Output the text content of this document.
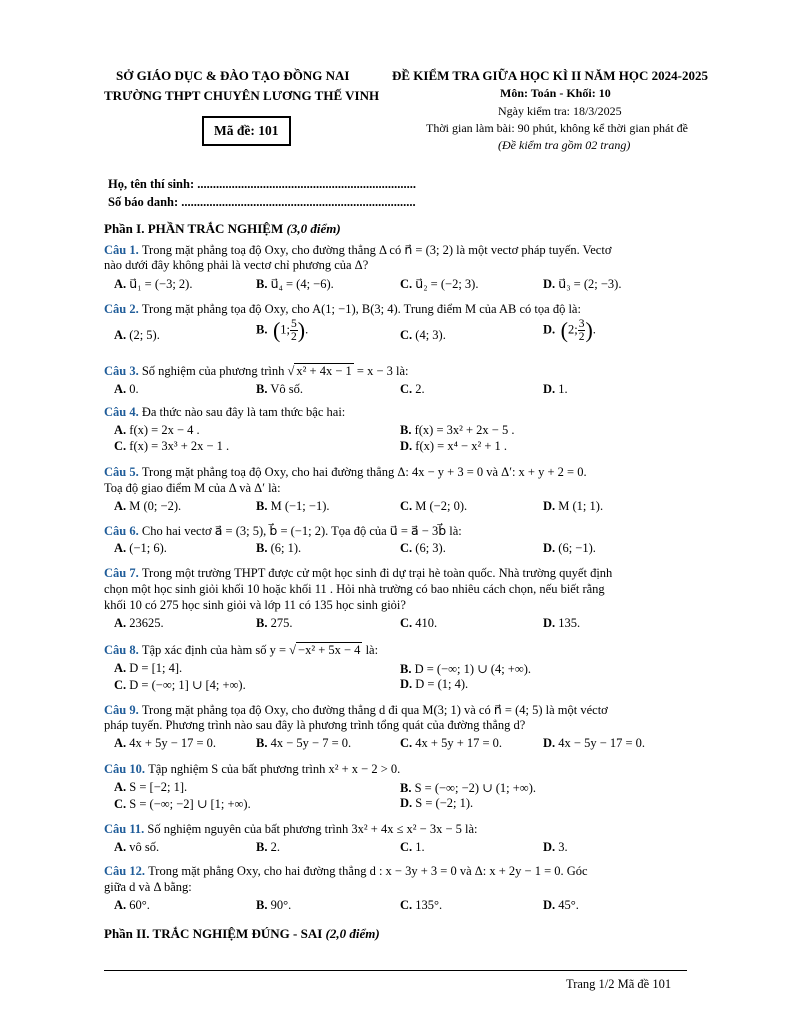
SỞ GIÁO DỤC & ĐÀO TẠO ĐỒNG NAI
TRƯỜNG THPT CHUYÊN LƯƠNG THẾ VINH
ĐỀ KIỂM TRA GIỮA HỌC KÌ II NĂM HỌC 2024-2025
Môn: Toán - Khối: 10
Ngày kiểm tra: 18/3/2025
Thời gian làm bài: 90 phút, không kể thời gian phát đề
(Đề kiểm tra gồm 02 trang)
Mã đề: 101
Họ, tên thí sinh: ......................................................................
Số báo danh: ...........................................................................
Phần I. PHẦN TRẮC NGHIỆM (3,0 điểm)
Câu 1. Trong mặt phẳng toạ độ Oxy, cho đường thẳng Δ có n⃗ = (3; 2) là một vectơ pháp tuyến. Vectơ
nào dưới đây không phải là vectơ chỉ phương của Δ?
A. u⃗₁ = (−3; 2).	B. u⃗₄ = (4; −6).	C. u⃗₂ = (−2; 3).	D. u⃗₃ = (2; −3).
Câu 2. Trong mặt phẳng tọa độ Oxy, cho A(1; −1), B(3; 4). Trung điểm M của AB có tọa độ là:
A. (2; 5).	B. (1; $\frac{5}{2}$ ).	C. (4; 3).	D. (2; $\frac{3}{2}$ ).
Câu 3. Số nghiệm của phương trình √ x² + 4x − 1 = x − 3 là:
A. 0.	B. Vô số.	C. 2.	D. 1.
Câu 4. Đa thức nào sau đây là tam thức bậc hai:
A. f(x) = 2x − 4 .	B. f(x) = 3x² + 2x − 5 .
C. f(x) = 3x³ + 2x − 1 .	D. f(x) = x⁴ − x² + 1 .
Câu 5. Trong mặt phẳng toạ độ Oxy, cho hai đường thẳng Δ: 4x − y + 3 = 0 và Δ′: x + y + 2 = 0.
Toạ độ giao điểm M của Δ và Δ′ là:
A. M (0; −2).	B. M (−1; −1).	C. M (−2; 0).	D. M (1; 1).
Câu 6. Cho hai vectơ a⃗ = (3; 5), b⃗ = (−1; 2). Tọa độ của u⃗ = a⃗ − 3b⃗ là:
A. (−1; 6).	B. (6; 1).	C. (6; 3).	D. (6; −1).
Câu 7. Trong một trường THPT được cử một học sinh đi dự trại hè toàn quốc. Nhà trường quyết định
chọn một học sinh giỏi khối 10 hoặc khối 11 . Hỏi nhà trường có bao nhiêu cách chọn, nếu biết rằng
khối 10 có 275 học sinh giỏi và lớp 11 có 135 học sinh giỏi?
A. 23625.	B. 275.	C. 410.	D. 135.
Câu 8. Tập xác định của hàm số y = √ −x² + 5x − 4 là:
A. D = [1; 4].	B. D = (−∞; 1) ∪ (4; +∞).
C. D = (−∞; 1] ∪ [4; +∞).	D. D = (1; 4).
Câu 9. Trong mặt phẳng tọa độ Oxy, cho đường thẳng d đi qua M(3; 1) và có n⃗ = (4; 5) là một véctơ
pháp tuyến. Phương trình nào sau đây là phương trình tổng quát của đường thẳng d?
A. 4x + 5y − 17 = 0.	B. 4x − 5y − 7 = 0.	C. 4x + 5y + 17 = 0.	D. 4x − 5y − 17 = 0.
Câu 10. Tập nghiệm S của bất phương trình x² + x − 2 > 0.
A. S = [−2; 1].	B. S = (−∞; −2) ∪ (1; +∞).
C. S = (−∞; −2] ∪ [1; +∞).	D. S = (−2; 1).
Câu 11. Số nghiệm nguyên của bất phương trình 3x² + 4x ≤ x² − 3x − 5 là:
A. vô số.	B. 2.	C. 1.	D. 3.
Câu 12. Trong mặt phẳng Oxy, cho hai đường thẳng d : x − 3y + 3 = 0 và Δ: x + 2y − 1 = 0. Góc
giữa d và Δ bằng:
A. 60°.	B. 90°.	C. 135°.	D. 45°.
Phần II. TRẮC NGHIỆM ĐÚNG - SAI (2,0 điểm)
Trang 1/2 Mã đề 101
